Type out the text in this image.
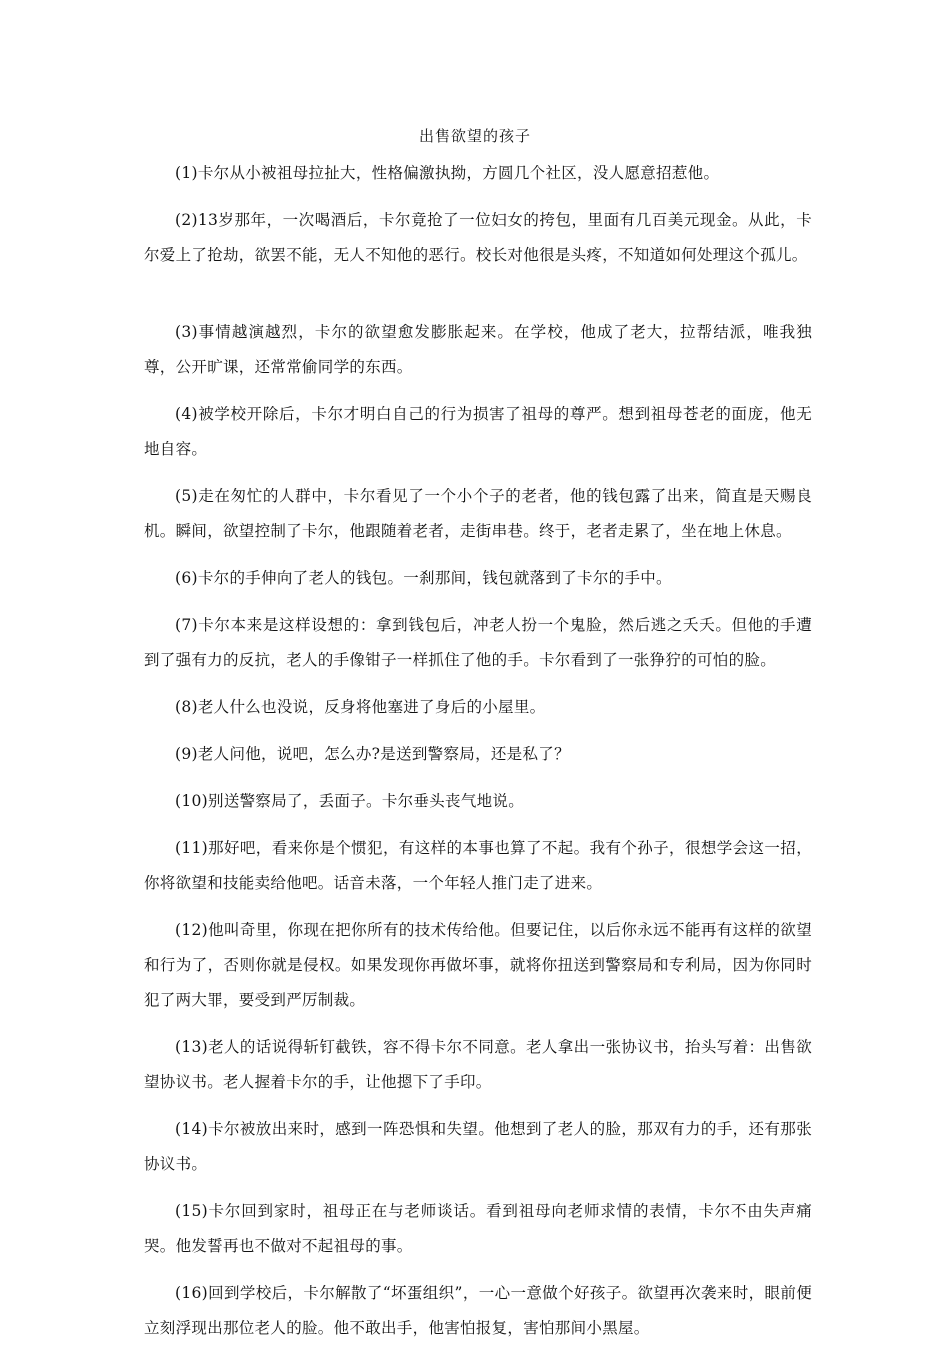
出售欲望的孩子

(1)卡尔从小被祖母拉扯大，性格偏激执拗，方圆几个社区，没人愿意招惹他。

(2)13岁那年，一次喝酒后，卡尔竟抢了一位妇女的挎包，里面有几百美元现金。从此，卡尔爱上了抢劫，欲罢不能，无人不知他的恶行。校长对他很是头疼，不知道如何处理这个孤儿。

(3)事情越演越烈，卡尔的欲望愈发膨胀起来。在学校，他成了老大，拉帮结派，唯我独尊，公开旷课，还常常偷同学的东西。

(4)被学校开除后，卡尔才明白自己的行为损害了祖母的尊严。想到祖母苍老的面庞，他无地自容。

(5)走在匆忙的人群中，卡尔看见了一个小个子的老者，他的钱包露了出来，简直是天赐良机。瞬间，欲望控制了卡尔，他跟随着老者，走街串巷。终于，老者走累了，坐在地上休息。

(6)卡尔的手伸向了老人的钱包。一刹那间，钱包就落到了卡尔的手中。

(7)卡尔本来是这样设想的：拿到钱包后，冲老人扮一个鬼脸，然后逃之夭夭。但他的手遭到了强有力的反抗，老人的手像钳子一样抓住了他的手。卡尔看到了一张狰狞的可怕的脸。

(8)老人什么也没说，反身将他塞进了身后的小屋里。

(9)老人问他，说吧，怎么办?是送到警察局，还是私了？

(10)别送警察局了，丢面子。卡尔垂头丧气地说。

(11)那好吧，看来你是个惯犯，有这样的本事也算了不起。我有个孙子，很想学会这一招，你将欲望和技能卖给他吧。话音未落，一个年轻人推门走了进来。

(12)他叫奇里，你现在把你所有的技术传给他。但要记住，以后你永远不能再有这样的欲望和行为了，否则你就是侵权。如果发现你再做坏事，就将你扭送到警察局和专利局，因为你同时犯了两大罪，要受到严厉制裁。

(13)老人的话说得斩钉截铁，容不得卡尔不同意。老人拿出一张协议书，抬头写着：出售欲望协议书。老人握着卡尔的手，让他摁下了手印。

(14)卡尔被放出来时，感到一阵恐惧和失望。他想到了老人的脸，那双有力的手，还有那张协议书。

(15)卡尔回到家时，祖母正在与老师谈话。看到祖母向老师求情的表情，卡尔不由失声痛哭。他发誓再也不做对不起祖母的事。

(16)回到学校后，卡尔解散了“坏蛋组织”，一心一意做个好孩子。欲望再次袭来时，眼前便立刻浮现出那位老人的脸。他不敢出手，他害怕报复，害怕那间小黑屋。
